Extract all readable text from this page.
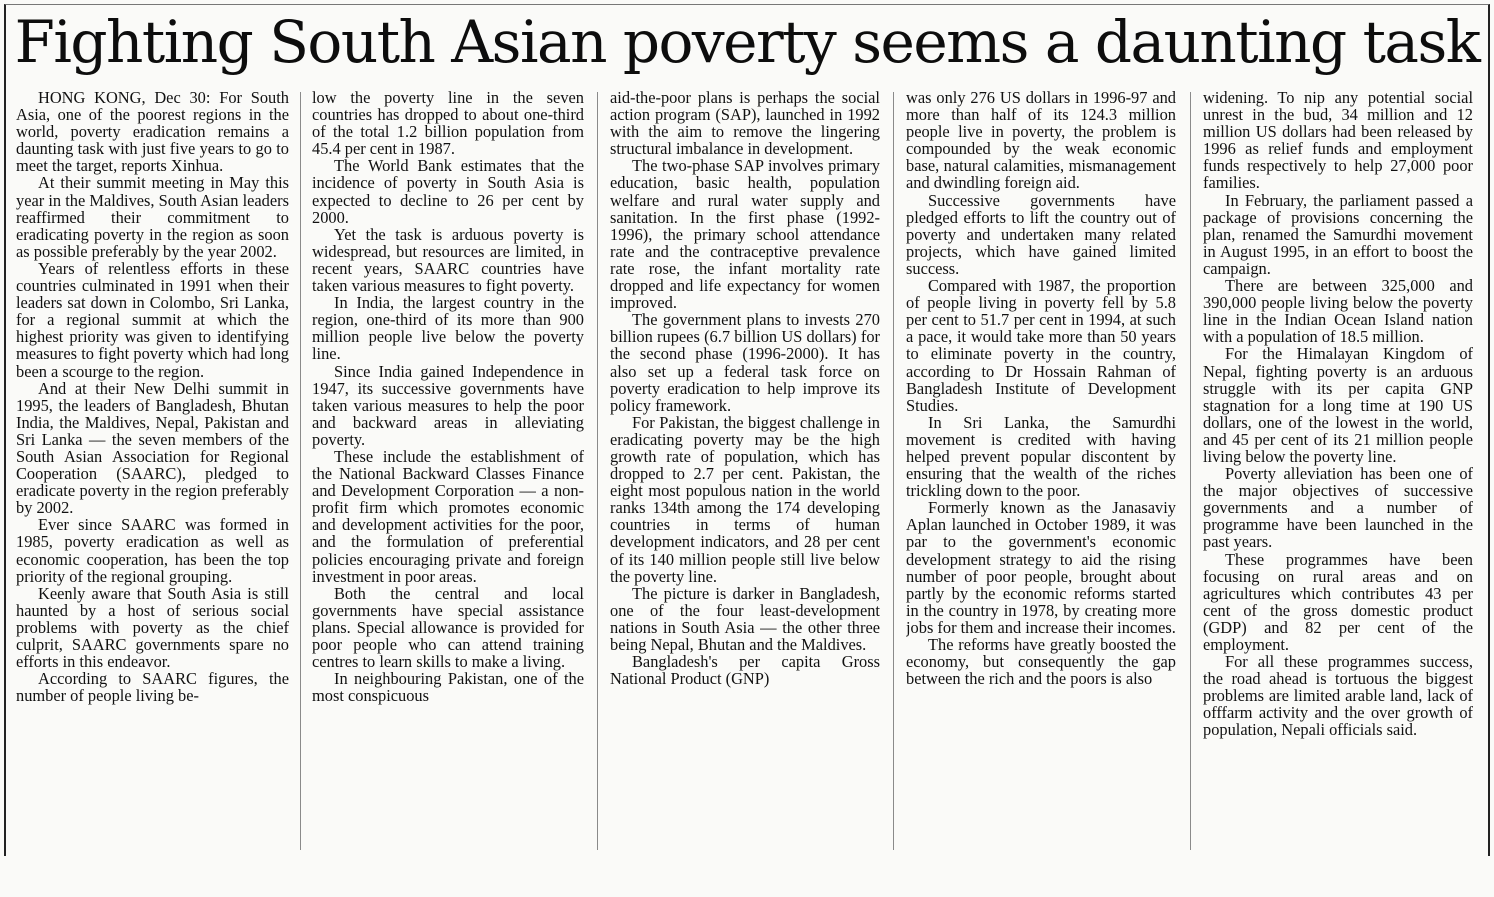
Fighting South Asian poverty seems a daunting task

HONG KONG, Dec 30: For South Asia, one of the poorest regions in the world, poverty eradication remains a daunting task with just five years to go to meet the target, reports Xinhua.

At their summit meeting in May this year in the Maldives, South Asian leaders reaffirmed their commitment to eradicating poverty in the region as soon as possible preferably by the year 2002.

Years of relentless efforts in these countries culminated in 1991 when their leaders sat down in Colombo, Sri Lanka, for a regional summit at which the highest priority was given to identifying measures to fight poverty which had long been a scourge to the region.

And at their New Delhi summit in 1995, the leaders of Bangladesh, Bhutan India, the Maldives, Nepal, Pakistan and Sri Lanka — the seven members of the South Asian Association for Regional Cooperation (SAARC), pledged to eradicate poverty in the region preferably by 2002.

Ever since SAARC was formed in 1985, poverty eradication as well as economic cooperation, has been the top priority of the regional grouping.

Keenly aware that South Asia is still haunted by a host of serious social problems with poverty as the chief culprit, SAARC governments spare no efforts in this endeavor.

According to SAARC figures, the number of people living be-

low the poverty line in the seven countries has dropped to about one-third of the total 1.2 billion population from 45.4 per cent in 1987.

The World Bank estimates that the incidence of poverty in South Asia is expected to decline to 26 per cent by 2000.

Yet the task is arduous poverty is widespread, but resources are limited, in recent years, SAARC countries have taken various measures to fight poverty.

In India, the largest country in the region, one-third of its more than 900 million people live below the poverty line.

Since India gained Independence in 1947, its successive governments have taken various measures to help the poor and backward areas in alleviating poverty.

These include the establishment of the National Backward Classes Finance and Development Corporation — a non-profit firm which promotes economic and development activities for the poor, and the formulation of preferential policies encouraging private and foreign investment in poor areas.

Both the central and local governments have special assistance plans. Special allowance is provided for poor people who can attend training centres to learn skills to make a living.

In neighbouring Pakistan, one of the most conspicuous

aid-the-poor plans is perhaps the social action program (SAP), launched in 1992 with the aim to remove the lingering structural imbalance in development.

The two-phase SAP involves primary education, basic health, population welfare and rural water supply and sanitation. In the first phase (1992-1996), the primary school attendance rate and the contraceptive prevalence rate rose, the infant mortality rate dropped and life expectancy for women improved.

The government plans to invests 270 billion rupees (6.7 billion US dollars) for the second phase (1996-2000). It has also set up a federal task force on poverty eradication to help improve its policy framework.

For Pakistan, the biggest challenge in eradicating poverty may be the high growth rate of population, which has dropped to 2.7 per cent. Pakistan, the eight most populous nation in the world ranks 134th among the 174 developing countries in terms of human development indicators, and 28 per cent of its 140 million people still live below the poverty line.

The picture is darker in Bangladesh, one of the four least-development nations in South Asia — the other three being Nepal, Bhutan and the Maldives.

Bangladesh's per capita Gross National Product (GNP)

was only 276 US dollars in 1996-97 and more than half of its 124.3 million people live in poverty, the problem is compounded by the weak economic base, natural calamities, mismanagement and dwindling foreign aid.

Successive governments have pledged efforts to lift the country out of poverty and undertaken many related projects, which have gained limited success.

Compared with 1987, the proportion of people living in poverty fell by 5.8 per cent to 51.7 per cent in 1994, at such a pace, it would take more than 50 years to eliminate poverty in the country, according to Dr Hossain Rahman of Bangladesh Institute of Development Studies.

In Sri Lanka, the Samurdhi movement is credited with having helped prevent popular discontent by ensuring that the wealth of the riches trickling down to the poor.

Formerly known as the Janasaviy Aplan launched in October 1989, it was par to the government's economic development strategy to aid the rising number of poor people, brought about partly by the economic reforms started in the country in 1978, by creating more jobs for them and increase their incomes.

The reforms have greatly boosted the economy, but consequently the gap between the rich and the poors is also

widening. To nip any potential social unrest in the bud, 34 million and 12 million US dollars had been released by 1996 as relief funds and employment funds respectively to help 27,000 poor families.

In February, the parliament passed a package of provisions concerning the plan, renamed the Samurdhi movement in August 1995, in an effort to boost the campaign.

There are between 325,000 and 390,000 people living below the poverty line in the Indian Ocean Island nation with a population of 18.5 million.

For the Himalayan Kingdom of Nepal, fighting poverty is an arduous struggle with its per capita GNP stagnation for a long time at 190 US dollars, one of the lowest in the world, and 45 per cent of its 21 million people living below the poverty line.

Poverty alleviation has been one of the major objectives of successive governments and a number of programme have been launched in the past years.

These programmes have been focusing on rural areas and on agricultures which contributes 43 per cent of the gross domestic product (GDP) and 82 per cent of the employment.

For all these programmes success, the road ahead is tortuous the biggest problems are limited arable land, lack of offfarm activity and the over growth of population, Nepali officials said.
